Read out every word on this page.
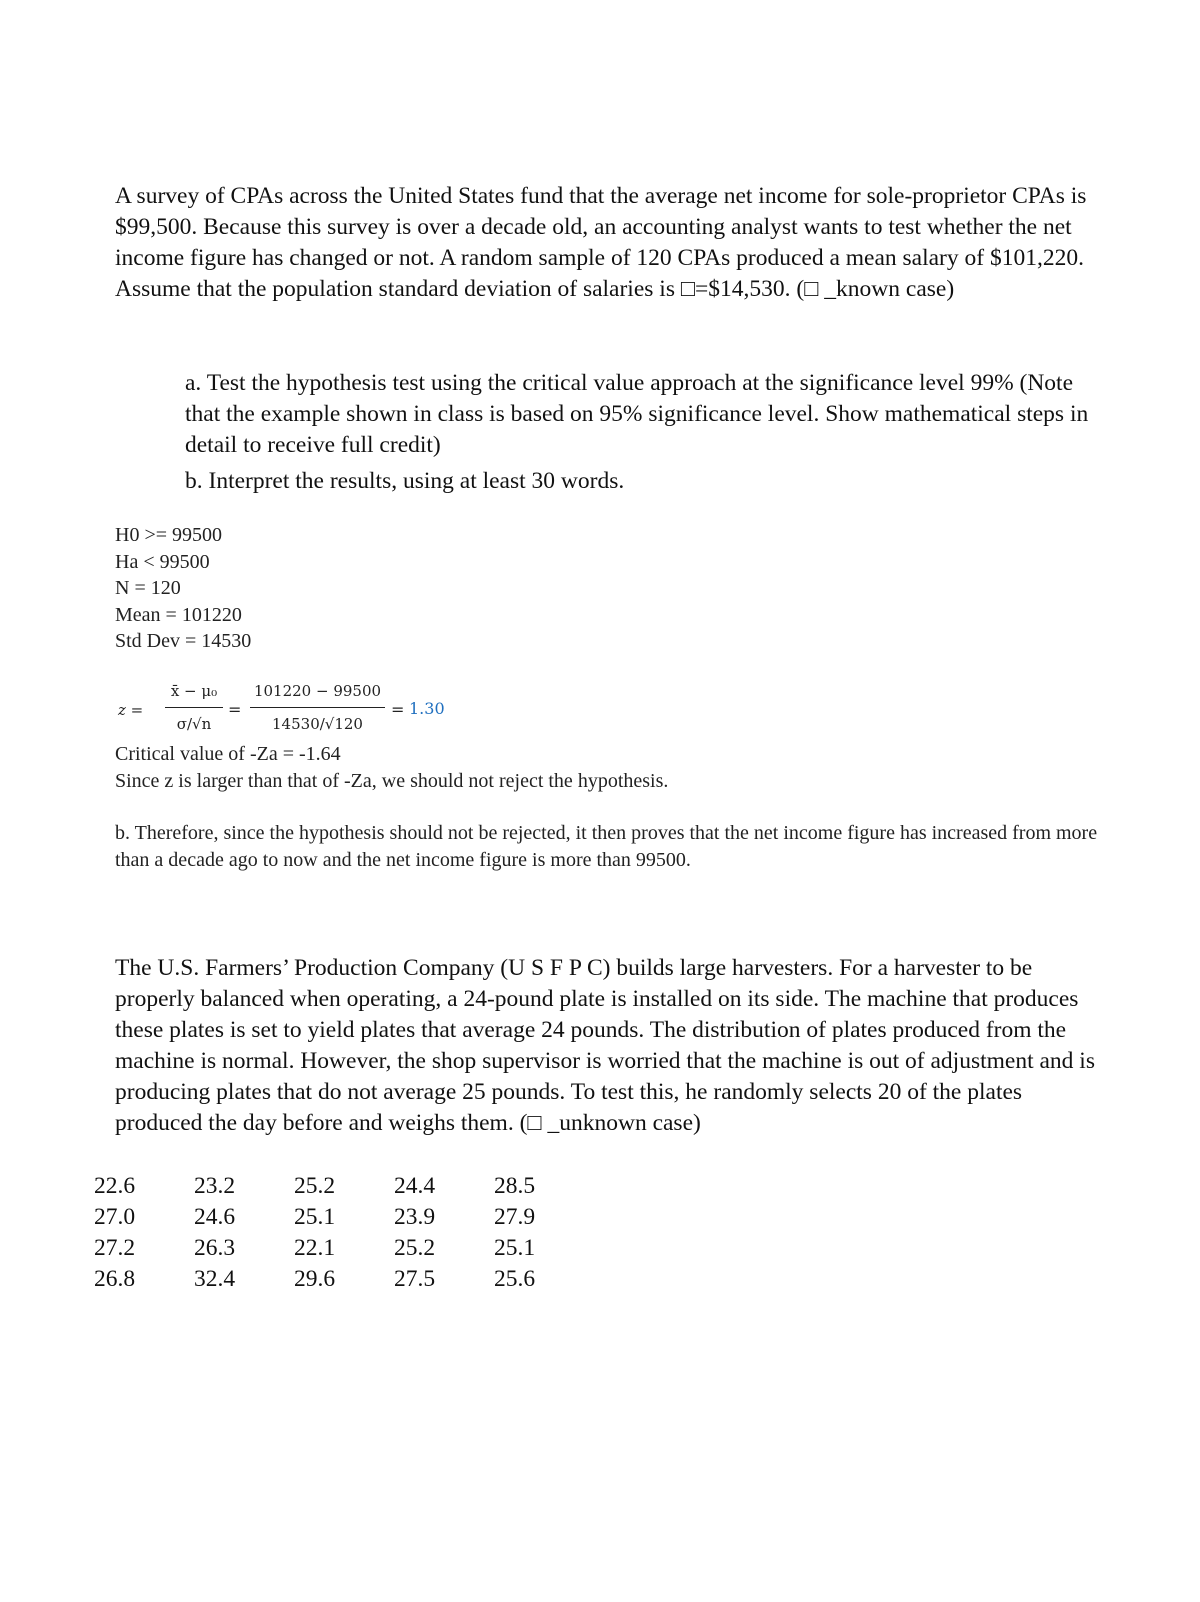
A survey of CPAs across the United States fund that the average net income for sole-proprietor CPAs is $99,500. Because this survey is over a decade old, an accounting analyst wants to test whether the net income figure has changed or not. A random sample of 120 CPAs produced a mean salary of $101,220. Assume that the population standard deviation of salaries is □=$14,530. (□ _known case)

a. Test the hypothesis test using the critical value approach at the significance level 99% (Note that the example shown in class is based on 95% significance level. Show mathematical steps in detail to receive full credit)

b. Interpret the results, using at least 30 words.

H0 >= 99500
Ha < 99500
N = 120
Mean = 101220
Std Dev = 14530
z =
x̄ − μ₀
σ/√n
=
101220 − 99500
14530/√120
= 1.30
Critical value of -Za = -1.64
Since z is larger than that of -Za, we should not reject the hypothesis.
b. Therefore, since the hypothesis should not be rejected, it then proves that the net income figure has increased from more than a decade ago to now and the net income figure is more than 99500.

The U.S. Farmers’ Production Company (U S F P C) builds large harvesters. For a harvester to be properly balanced when operating, a 24-pound plate is installed on its side. The machine that produces these plates is set to yield plates that average 24 pounds. The distribution of plates produced from the machine is normal. However, the shop supervisor is worried that the machine is out of adjustment and is producing plates that do not average 25 pounds. To test this, he randomly selects 20 of the plates produced the day before and weighs them. (□ _unknown case)

22.6	23.2	25.2	24.4	28.5
27.0	24.6	25.1	23.9	27.9
27.2	26.3	22.1	25.2	25.1
26.8	32.4	29.6	27.5	25.6
